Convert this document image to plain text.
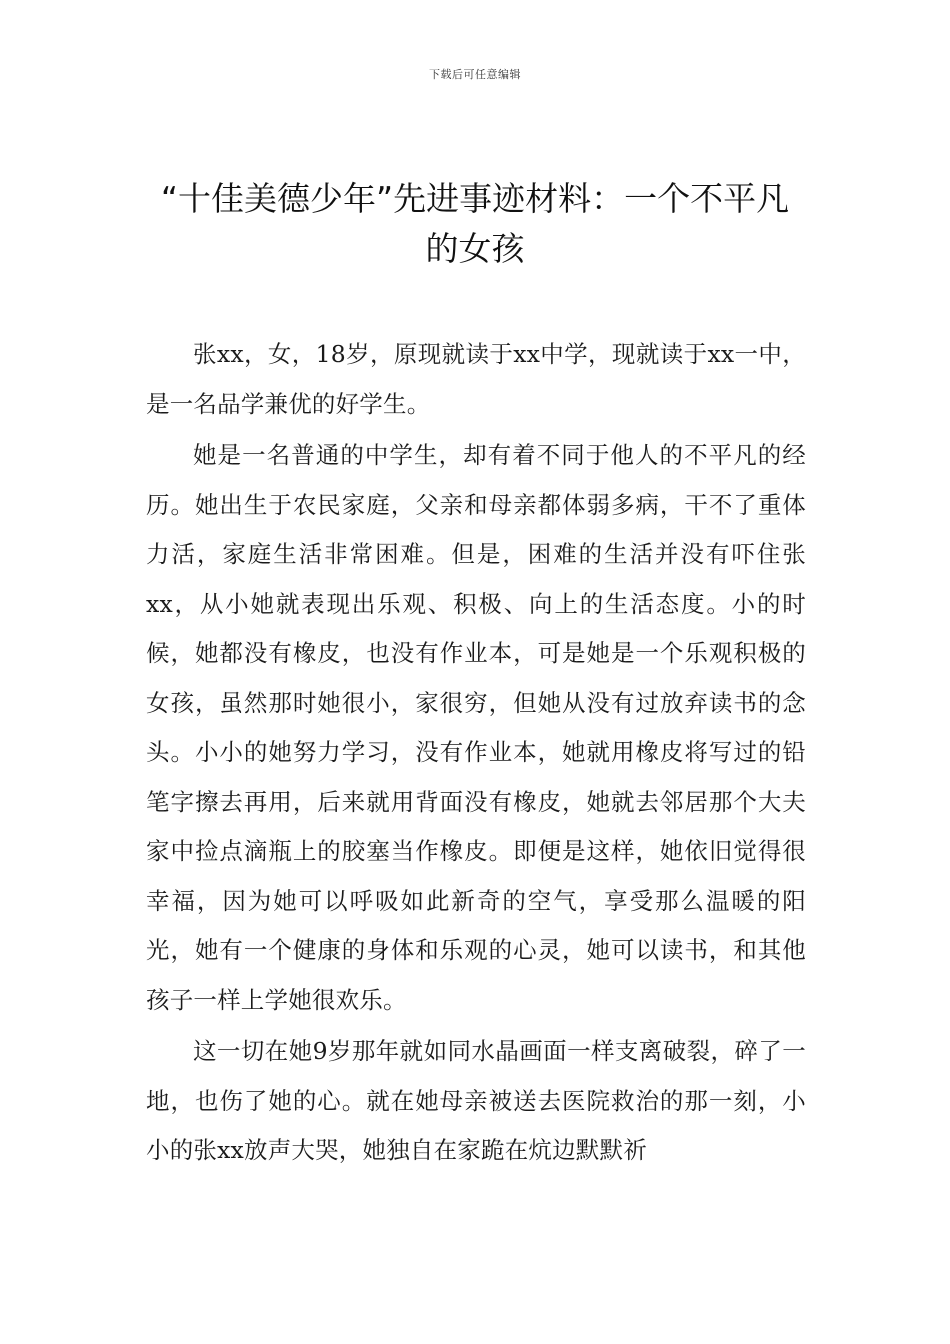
下载后可任意编辑
“十佳美德少年”先进事迹材料：一个不平凡的女孩

张xx，女，18岁，原现就读于xx中学，现就读于xx一中，是一名品学兼优的好学生。

她是一名普通的中学生，却有着不同于他人的不平凡的经历。她出生于农民家庭，父亲和母亲都体弱多病，干不了重体力活，家庭生活非常困难。但是，困难的生活并没有吓住张xx，从小她就表现出乐观、积极、向上的生活态度。小的时候，她都没有橡皮，也没有作业本，可是她是一个乐观积极的女孩，虽然那时她很小，家很穷，但她从没有过放弃读书的念头。小小的她努力学习，没有作业本，她就用橡皮将写过的铅笔字擦去再用，后来就用背面没有橡皮，她就去邻居那个大夫家中捡点滴瓶上的胶塞当作橡皮。即便是这样，她依旧觉得很幸福，因为她可以呼吸如此新奇的空气，享受那么温暖的阳光，她有一个健康的身体和乐观的心灵，她可以读书，和其他孩子一样上学她很欢乐。

这一切在她9岁那年就如同水晶画面一样支离破裂，碎了一地，也伤了她的心。就在她母亲被送去医院救治的那一刻，小小的张xx放声大哭，她独自在家跪在炕边默默祈
